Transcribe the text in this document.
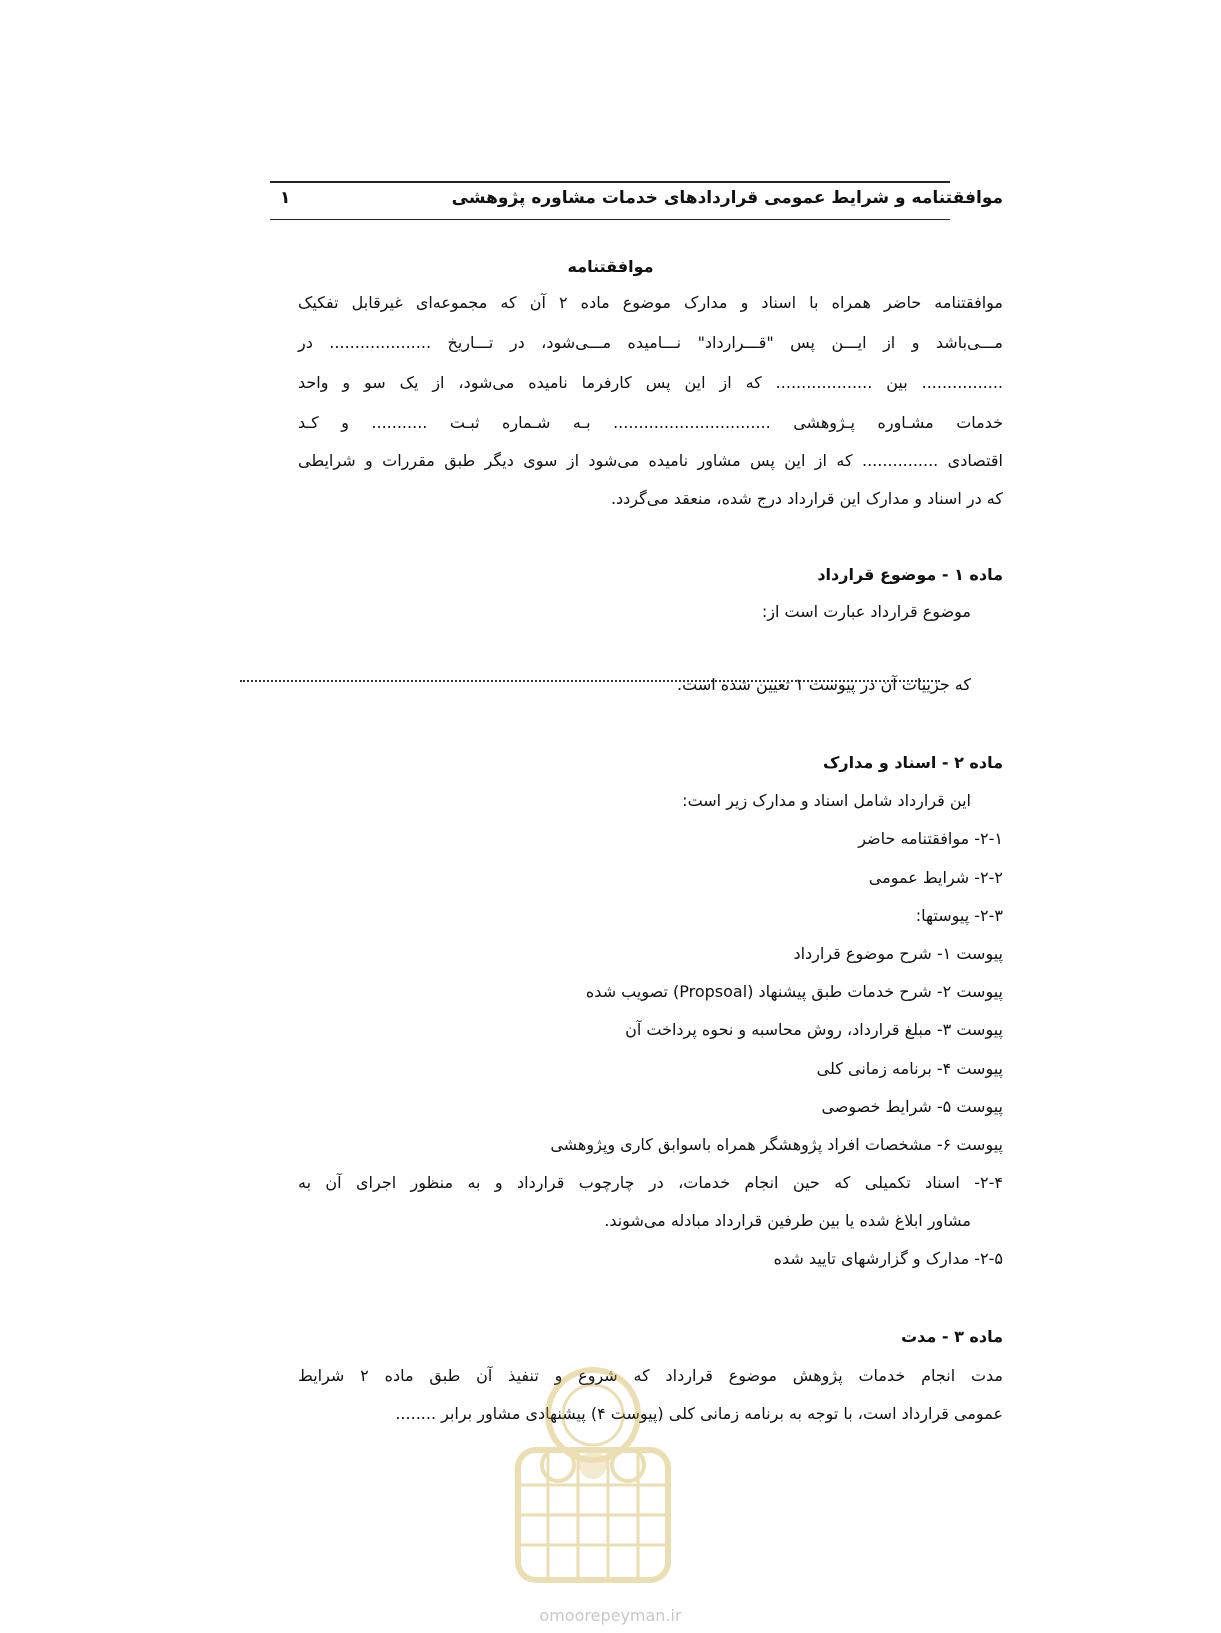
موافقتنامه و شرایط عمومی قراردادهای خدمات مشاوره پژوهشی
۱
موافقتنامه
موافقتنامه حاضر همراه با اسناد و مدارک موضوع ماده ۲ آن که مجموعه‌ای غیرقابل تفکیک
مـــی‌باشد و از ایـــن پس "قـــرارداد" نـــامیده مـــی‌شود، در تـــاریخ .................... در
................ بین ................... که از این پس کارفرما نامیده می‌شود، از یک سو و واحد
خدمات مشـاوره پـژوهشی ............................... بـه شـماره ثبـت ........... و کـد
اقتصادی ............... که از این پس مشاور نامیده می‌شود از سوی دیگر طبق مقررات و شرایطی
که در اسناد و مدارک این قرارداد درج شده، منعقد می‌گردد.
ماده ۱ - موضوع قرارداد
موضوع قرارداد عبارت است از:
که جزییات آن در پیوست ۱ تعیین شده است.
ماده ۲ - اسناد و مدارک
این قرارداد شامل اسناد و مدارک زیر است:
۲-۱- موافقتنامه حاضر
۲-۲- شرایط عمومی
۲-۳- پیوستها:
پیوست ۱- شرح موضوع قرارداد
پیوست ۲- شرح خدمات طبق پیشنهاد (Propsoal) تصویب شده
پیوست ۳- مبلغ قرارداد، روش محاسبه و نحوه پرداخت آن
پیوست ۴- برنامه زمانی کلی
پیوست ۵- شرایط خصوصی
پیوست ۶- مشخصات افراد پژوهشگر همراه باسوابق کاری وپژوهشی
۲-۴- اسناد تکمیلی که حین انجام خدمات، در چارچوب قرارداد و به منظور اجرای آن به
مشاور ابلاغ شده یا بین طرفین قرارداد مبادله می‌شوند.
۲-۵- مدارک و گزارشهای تایید شده
ماده ۳ - مدت
مدت انجام خدمات پژوهش موضوع قرارداد که شروع و تنفیذ آن طبق ماده ۲ شرایط
عمومی قرارداد است، با توجه به برنامه زمانی کلی (پیوست ۴) پیشنهادی مشاور برابر ........
omoorepeyman.ir
